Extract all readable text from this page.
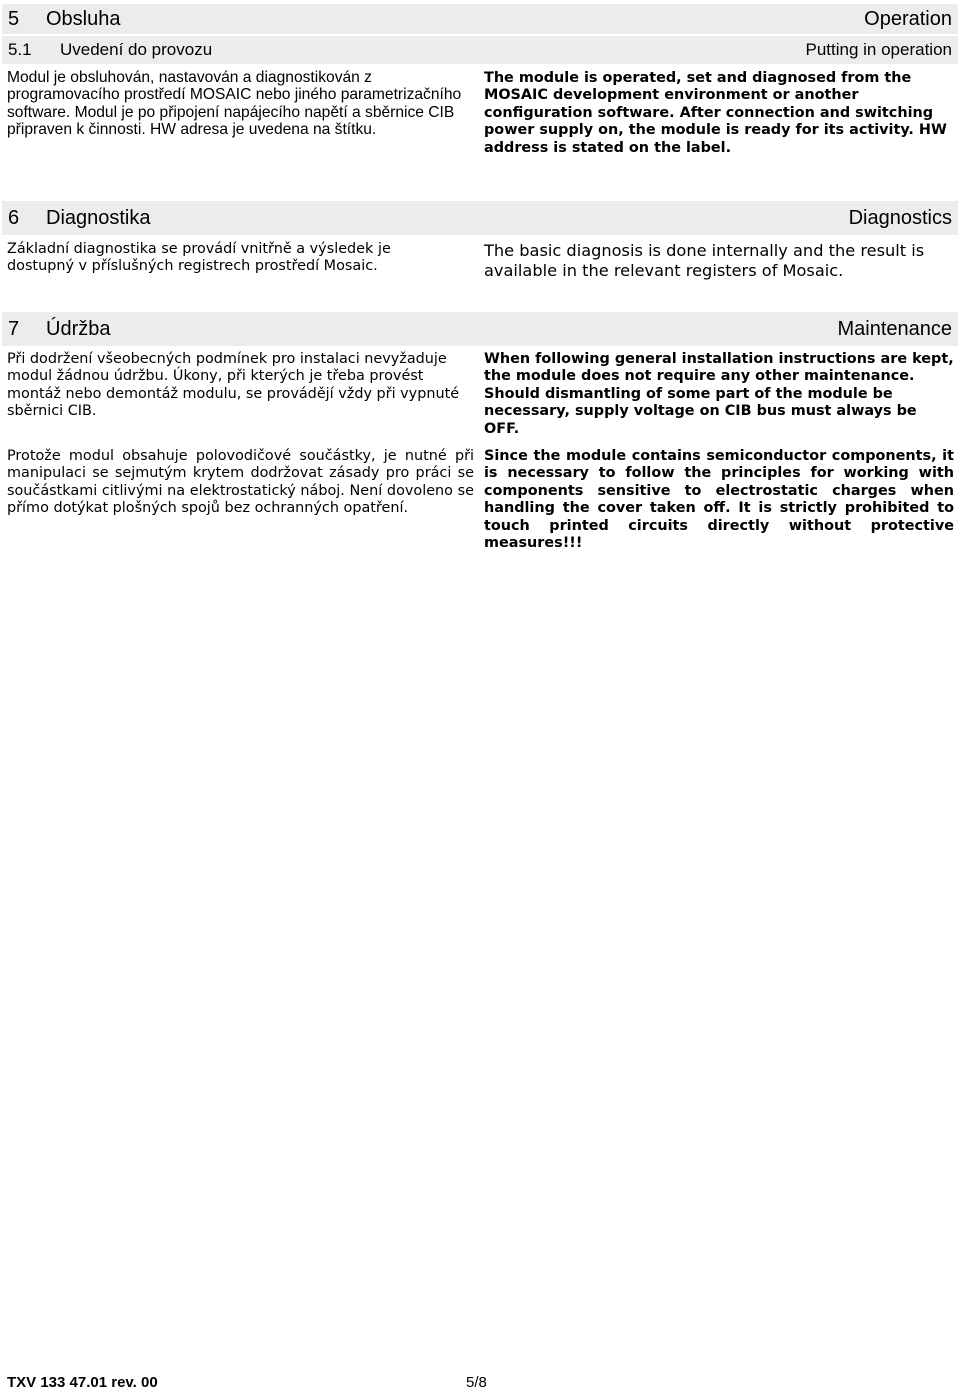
5 Obsluha	Operation
5.1 Uvedení do provozu	Putting in operation

Modul je obsluhován, nastavován a diagnostikován z programovacího prostředí MOSAIC nebo jiného parametrizačního software. Modul je po připojení napájecího napětí a sběrnice CIB připraven k činnosti. HW adresa je uvedena na štítku.

The module is operated, set and diagnosed from the MOSAIC development environment or another configuration software. After connection and switching power supply on, the module is ready for its activity. HW address is stated on the label.

6 Diagnostika	Diagnostics

Základní diagnostika se provádí vnitřně a výsledek je dostupný v příslušných registrech prostředí Mosaic.

The basic diagnosis is done internally and the result is available in the relevant registers of Mosaic.

7 Údržba	Maintenance

Při dodržení všeobecných podmínek pro instalaci nevyžaduje modul žádnou údržbu. Úkony, při kterých je třeba provést montáž nebo demontáž modulu, se provádějí vždy při vypnuté sběrnici CIB.

When following general installation instructions are kept, the module does not require any other maintenance. Should dismantling of some part of the module be necessary, supply voltage on CIB bus must always be OFF.

Protože modul obsahuje polovodičové součástky, je nutné při manipulaci se sejmutým krytem dodržovat zásady pro práci se součástkami citlivými na elektrostatický náboj. Není dovoleno se přímo dotýkat plošných spojů bez ochranných opatření.

Since the module contains semiconductor components, it is necessary to follow the principles for working with components sensitive to electrostatic charges when handling the cover taken off. It is strictly prohibited to touch printed circuits directly without protective measures!!!

TXV 133 47.01 rev. 00	5/8
